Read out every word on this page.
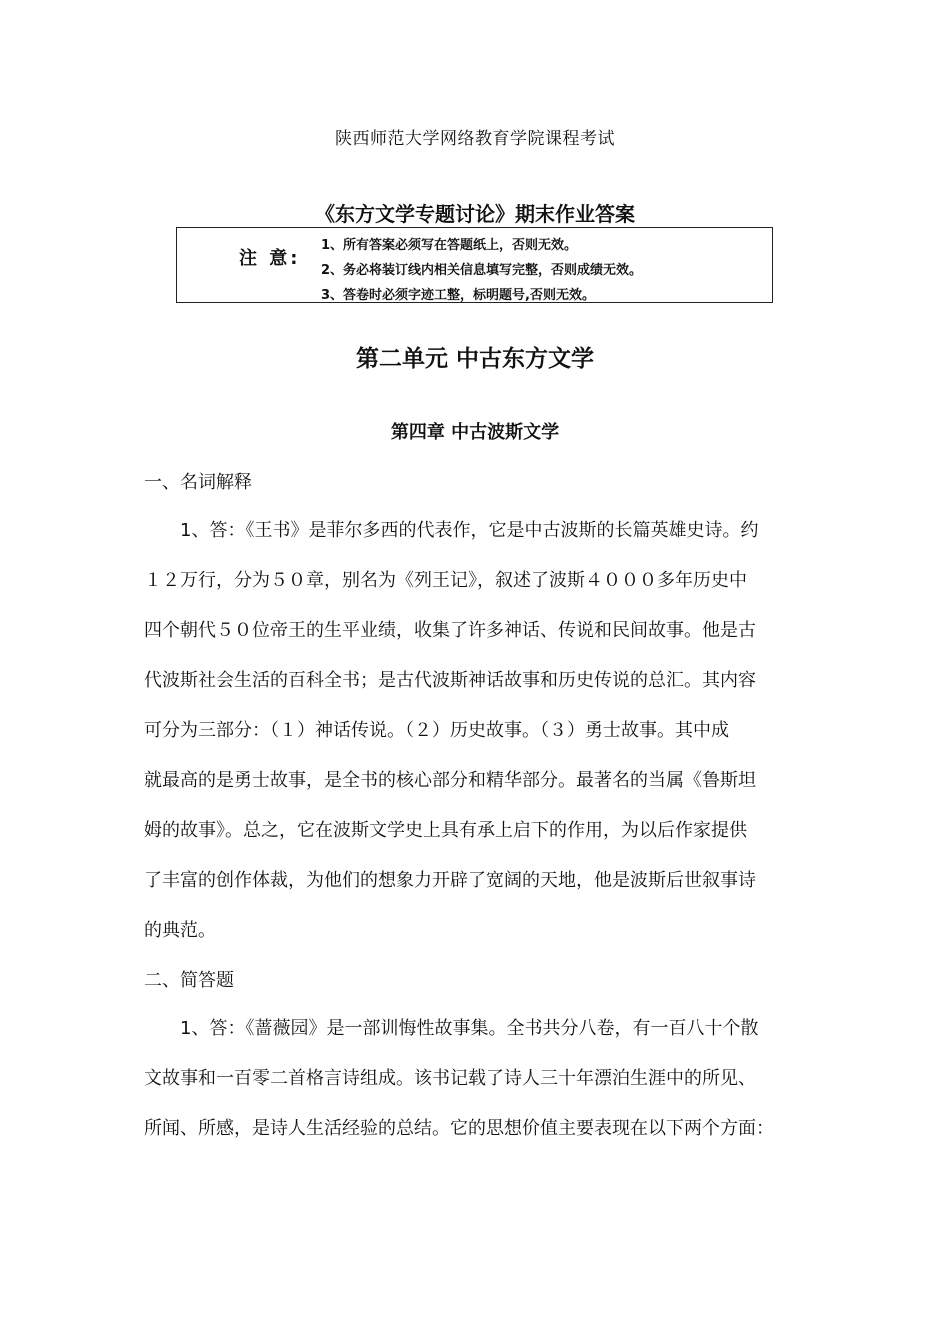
陕西师范大学网络教育学院课程考试
《东方文学专题讨论》期末作业答案
注 意:
1、所有答案必须写在答题纸上，否则无效。
2、务必将装订线内相关信息填写完整，否则成绩无效。
3、答卷时必须字迹工整，标明题号,否则无效。
第二单元 中古东方文学
第四章 中古波斯文学
一、名词解释
　　1、答：《王书》是菲尔多西的代表作，它是中古波斯的长篇英雄史诗。约
１２万行，分为５０章，别名为《列王记》，叙述了波斯４０００多年历史中
四个朝代５０位帝王的生平业绩，收集了许多神话、传说和民间故事。他是古
代波斯社会生活的百科全书；是古代波斯神话故事和历史传说的总汇。其内容
可分为三部分：（１）神话传说。（２）历史故事。（３）勇士故事。其中成
就最高的是勇士故事，是全书的核心部分和精华部分。最著名的当属《鲁斯坦
姆的故事》。总之，它在波斯文学史上具有承上启下的作用，为以后作家提供
了丰富的创作体裁，为他们的想象力开辟了宽阔的天地，他是波斯后世叙事诗
的典范。
二、简答题
　　1、答：《蔷薇园》是一部训悔性故事集。全书共分八卷，有一百八十个散
文故事和一百零二首格言诗组成。该书记载了诗人三十年漂泊生涯中的所见、
所闻、所感，是诗人生活经验的总结。它的思想价值主要表现在以下两个方面：
